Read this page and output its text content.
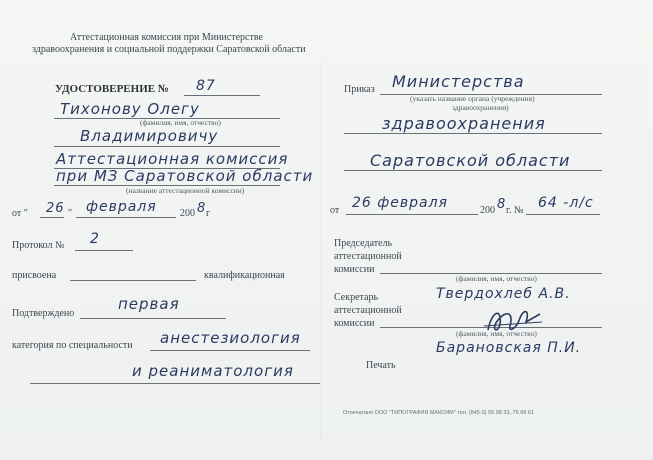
Аттестационная комиссия при Министерстве
здравоохранения и социальной поддержки Саратовской области
УДОСТОВЕРЕНИЕ № 87
Тихонову Олегу
(фамилия, имя, отчество)
Владимировичу
Аттестационная комиссия
при МЗ Саратовской области
(название аттестационной комиссии)
от " 26 " февраля 200 8 г
Протокол № 2
присвоена	квалификационная
Подтверждено
первая
категория по специальности анестезиология
и реаниматология
Приказ Министерства
(указать название органа (учреждения)
здравоохранения)
здравоохранения
Саратовской области
от 26 февраля	200 8 г. № 64 -л/с
Председатель
аттестационной
комиссии
(фамилия, имя, отчество)
Секретарь
аттестационной
комиссии
Твердохлеб А.В.
(фамилия, имя, отчество)
Печать
Барановская П.И.
Отпечатано ООО "ТИПОГРАФИЯ МАКСИМ" тел. (845-3) 55 98 33, 76 68 61
